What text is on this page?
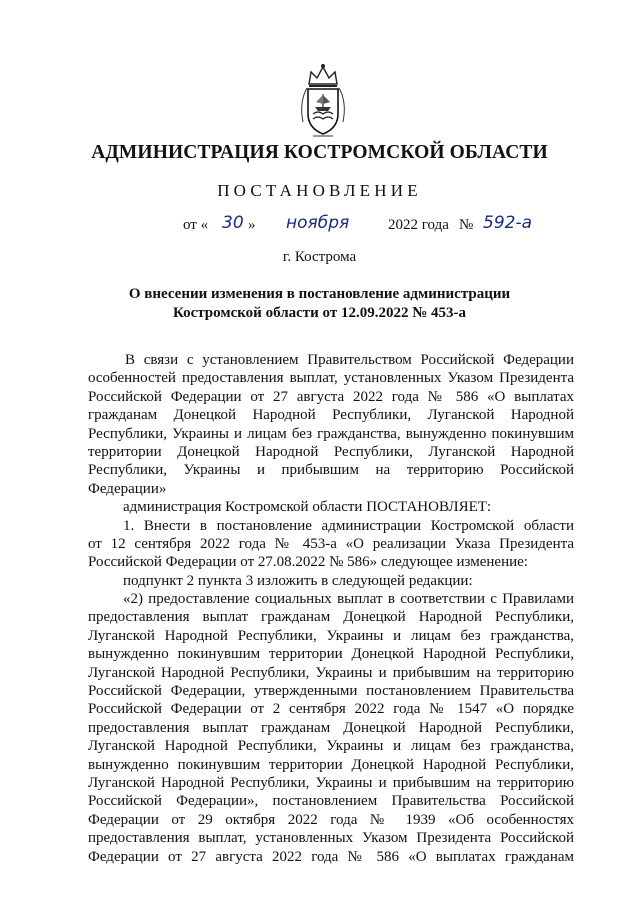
АДМИНИСТРАЦИЯ КОСТРОМСКОЙ ОБЛАСТИ
ПОСТАНОВЛЕНИЕ
от « 30 » ноября	2022 года № 592-а
г. Кострома
О внесении изменения в постановление администрации
Костромской области от 12.09.2022 № 453-а
В связи с установлением Правительством Российской Федерации
особенностей предоставления выплат, установленных Указом Президента
Российской Федерации от 27 августа 2022 года № 586 «О выплатах
гражданам Донецкой Народной Республики, Луганской Народной
Республики, Украины и лицам без гражданства, вынужденно покинувшим
территории Донецкой Народной Республики, Луганской Народной
Республики, Украины и прибывшим на территорию Российской
Федерации»
администрация Костромской области ПОСТАНОВЛЯЕТ:
1. Внести в постановление администрации Костромской области
от 12 сентября 2022 года № 453-а «О реализации Указа Президента
Российской Федерации от 27.08.2022 № 586» следующее изменение:
подпункт 2 пункта 3 изложить в следующей редакции:
«2) предоставление социальных выплат в соответствии с Правилами
предоставления выплат гражданам Донецкой Народной Республики,
Луганской Народной Республики, Украины и лицам без гражданства,
вынужденно покинувшим территории Донецкой Народной Республики,
Луганской Народной Республики, Украины и прибывшим на территорию
Российской Федерации, утвержденными постановлением Правительства
Российской Федерации от 2 сентября 2022 года № 1547 «О порядке
предоставления выплат гражданам Донецкой Народной Республики,
Луганской Народной Республики, Украины и лицам без гражданства,
вынужденно покинувшим территории Донецкой Народной Республики,
Луганской Народной Республики, Украины и прибывшим на территорию
Российской Федерации», постановлением Правительства Российской
Федерации от 29 октября 2022 года № 1939 «Об особенностях
предоставления выплат, установленных Указом Президента Российской
Федерации от 27 августа 2022 года № 586 «О выплатах гражданам
